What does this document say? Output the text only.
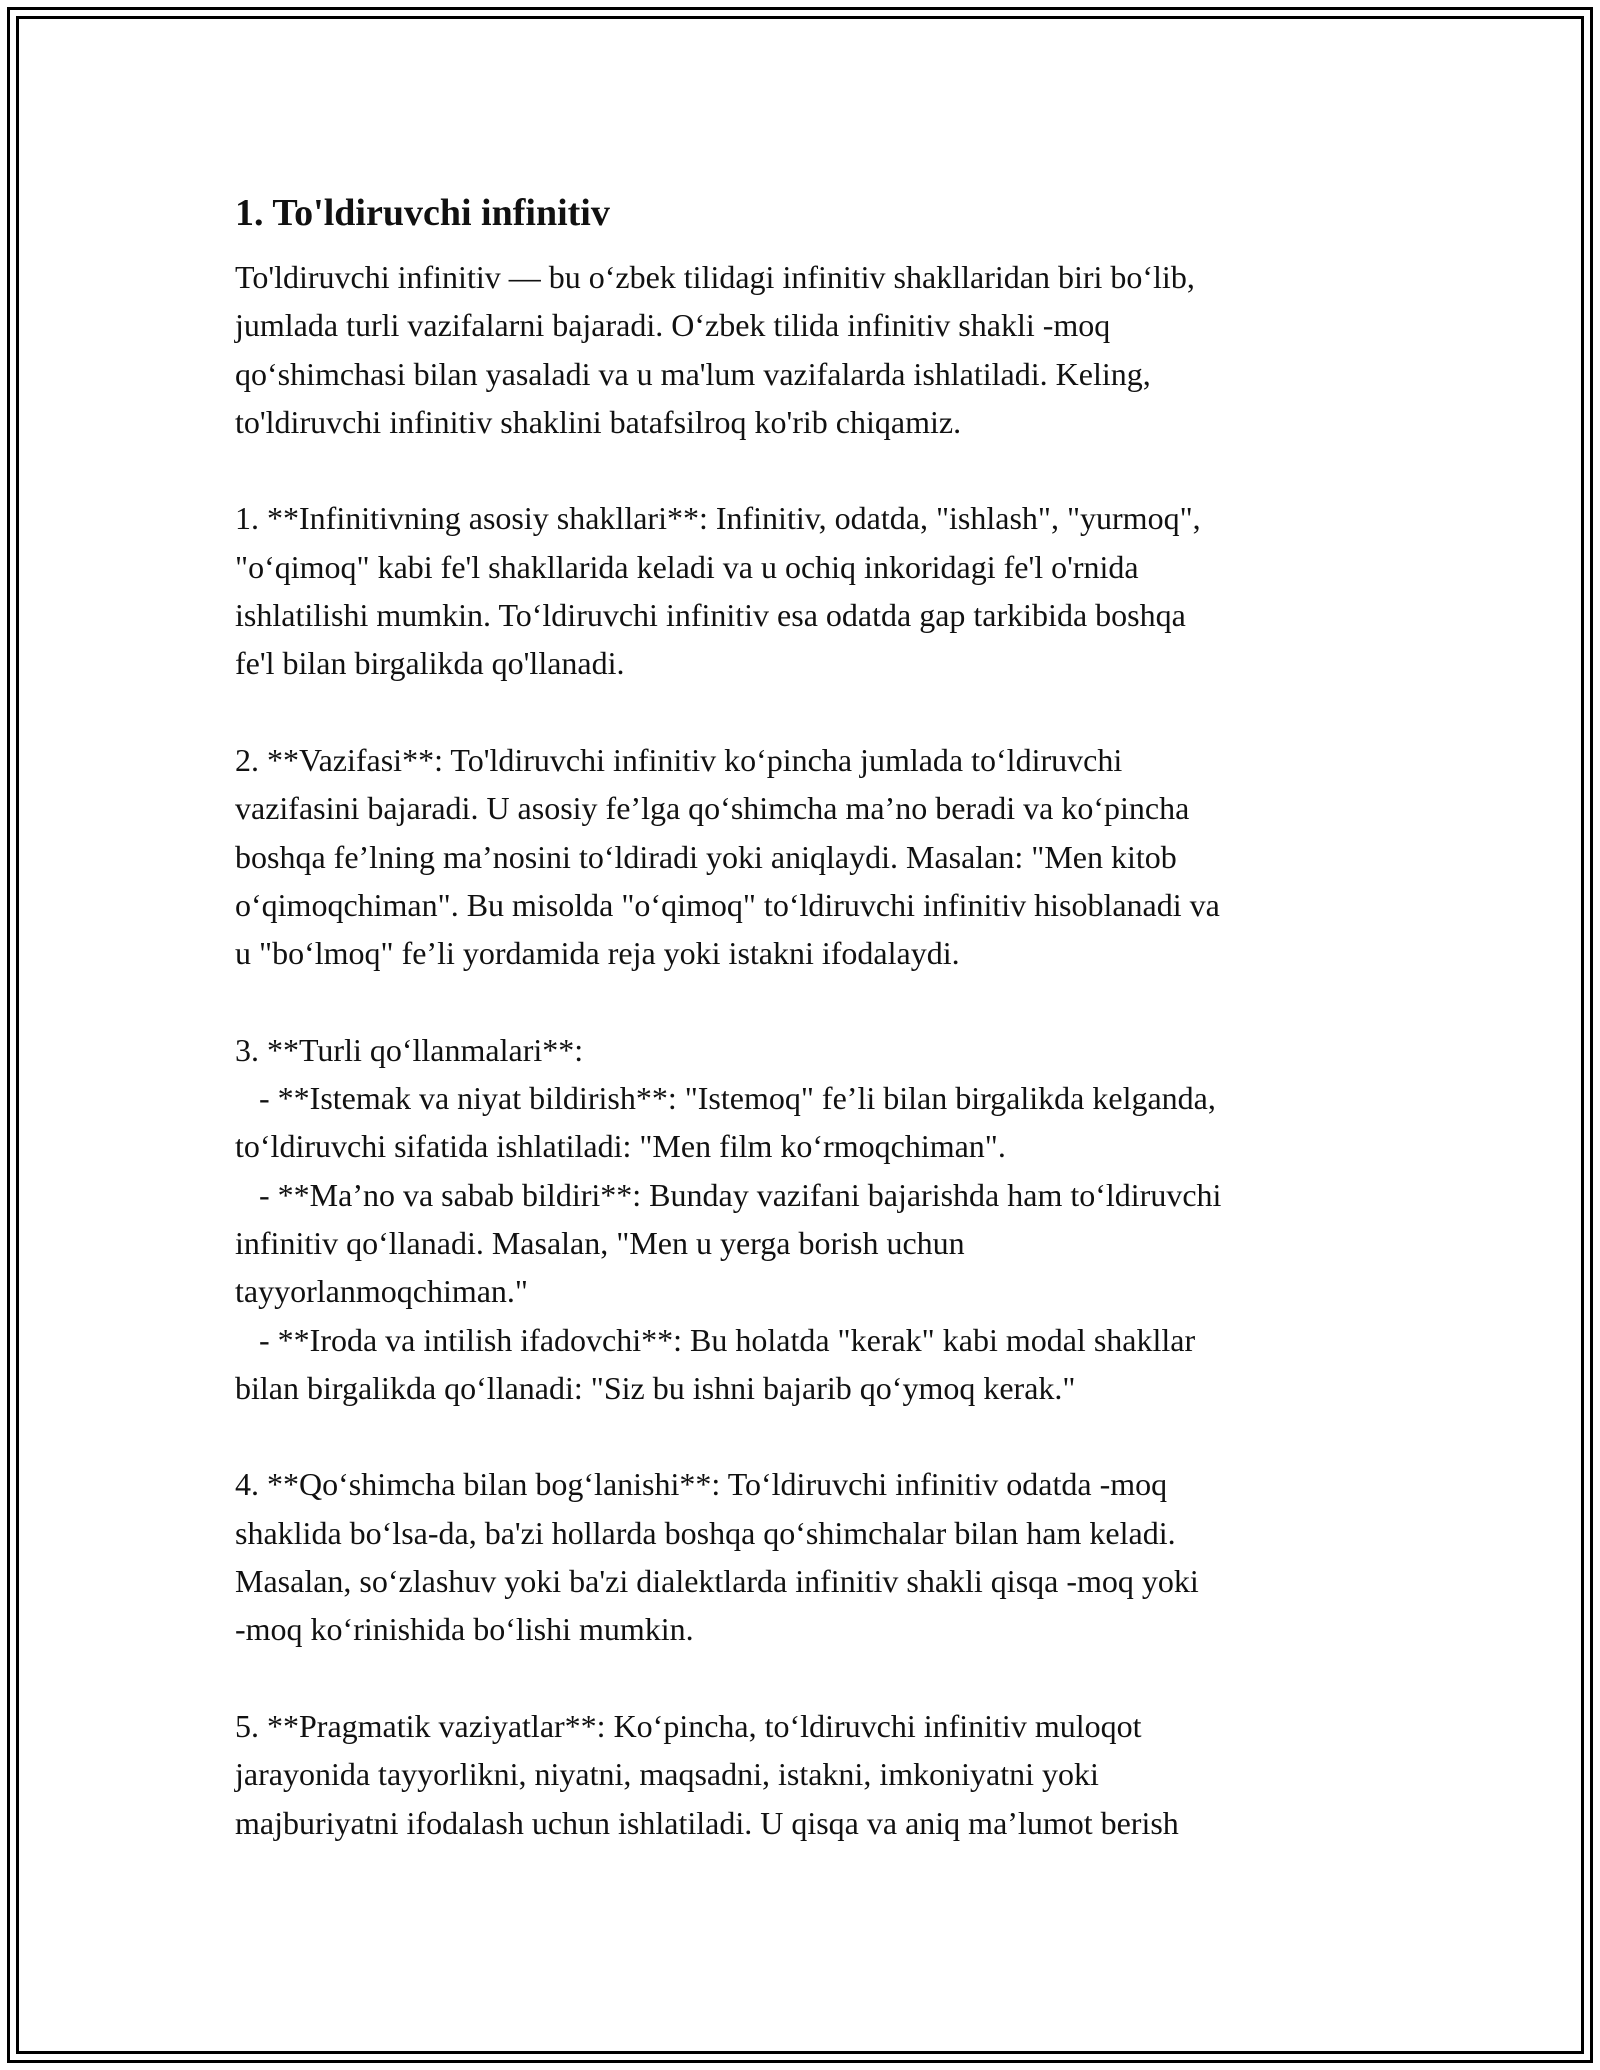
1. To'ldiruvchi infinitiv
To'ldiruvchi infinitiv — bu o‘zbek tilidagi infinitiv shakllaridan biri bo‘lib,
jumlada turli vazifalarni bajaradi. O‘zbek tilida infinitiv shakli -moq
qo‘shimchasi bilan yasaladi va u ma'lum vazifalarda ishlatiladi. Keling,
to'ldiruvchi infinitiv shaklini batafsilroq ko'rib chiqamiz.
1. **Infinitivning asosiy shakllari**: Infinitiv, odatda, "ishlash", "yurmoq",
"o‘qimoq" kabi fe'l shakllarida keladi va u ochiq inkoridagi fe'l o'rnida
ishlatilishi mumkin. To‘ldiruvchi infinitiv esa odatda gap tarkibida boshqa
fe'l bilan birgalikda qo'llanadi.
2. **Vazifasi**: To'ldiruvchi infinitiv ko‘pincha jumlada to‘ldiruvchi
vazifasini bajaradi. U asosiy fe’lga qo‘shimcha ma’no beradi va ko‘pincha
boshqa fe’lning ma’nosini to‘ldiradi yoki aniqlaydi. Masalan: "Men kitob
o‘qimoqchiman". Bu misolda "o‘qimoq" to‘ldiruvchi infinitiv hisoblanadi va
u "bo‘lmoq" fe’li yordamida reja yoki istakni ifodalaydi.
3. **Turli qo‘llanmalari**:
- **Istemak va niyat bildirish**: "Istemoq" fe’li bilan birgalikda kelganda,
to‘ldiruvchi sifatida ishlatiladi: "Men film ko‘rmoqchiman".
- **Ma’no va sabab bildiri**: Bunday vazifani bajarishda ham to‘ldiruvchi
infinitiv qo‘llanadi. Masalan, "Men u yerga borish uchun
tayyorlanmoqchiman."
- **Iroda va intilish ifadovchi**: Bu holatda "kerak" kabi modal shakllar
bilan birgalikda qo‘llanadi: "Siz bu ishni bajarib qo‘ymoq kerak."
4. **Qo‘shimcha bilan bog‘lanishi**: To‘ldiruvchi infinitiv odatda -moq
shaklida bo‘lsa-da, ba'zi hollarda boshqa qo‘shimchalar bilan ham keladi.
Masalan, so‘zlashuv yoki ba'zi dialektlarda infinitiv shakli qisqa -moq yoki
-moq ko‘rinishida bo‘lishi mumkin.
5. **Pragmatik vaziyatlar**: Ko‘pincha, to‘ldiruvchi infinitiv muloqot
jarayonida tayyorlikni, niyatni, maqsadni, istakni, imkoniyatni yoki
majburiyatni ifodalash uchun ishlatiladi. U qisqa va aniq ma’lumot berish
